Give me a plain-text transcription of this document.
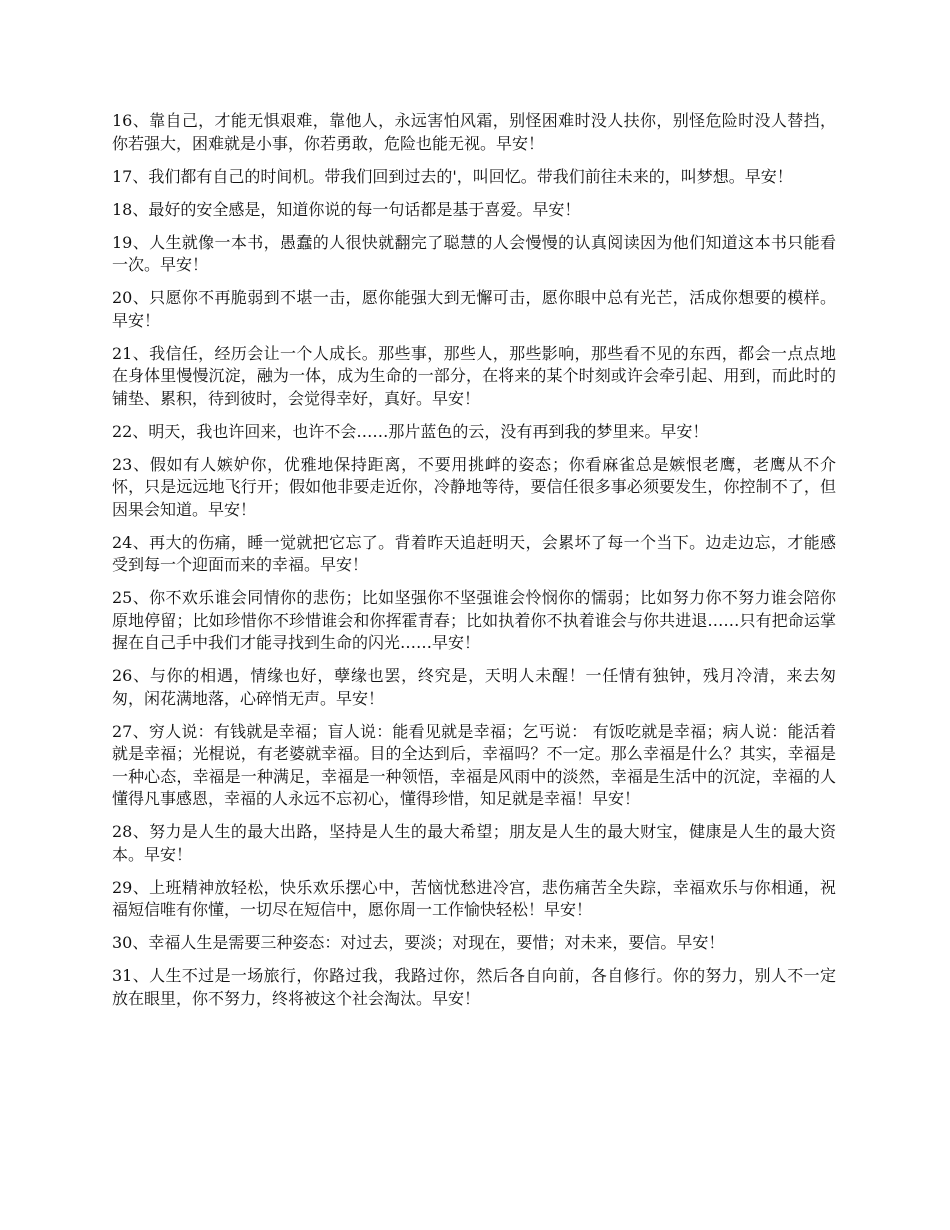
16、靠自己，才能无惧艰难，靠他人，永远害怕风霜，别怪困难时没人扶你，别怪危险时没人替挡，你若强大，困难就是小事，你若勇敢，危险也能无视。早安！

17、我们都有自己的时间机。带我们回到过去的'，叫回忆。带我们前往未来的，叫梦想。早安！

18、最好的安全感是，知道你说的每一句话都是基于喜爱。早安！

19、人生就像一本书，愚蠢的人很快就翻完了聪慧的人会慢慢的认真阅读因为他们知道这本书只能看一次。早安！

20、只愿你不再脆弱到不堪一击，愿你能强大到无懈可击，愿你眼中总有光芒，活成你想要的模样。早安！

21、我信任，经历会让一个人成长。那些事，那些人，那些影响，那些看不见的东西，都会一点点地在身体里慢慢沉淀，融为一体，成为生命的一部分，在将来的某个时刻或许会牵引起、用到，而此时的铺垫、累积，待到彼时，会觉得幸好，真好。早安！

22、明天，我也许回来，也许不会……那片蓝色的云，没有再到我的梦里来。早安！

23、假如有人嫉妒你，优雅地保持距离，不要用挑衅的姿态；你看麻雀总是嫉恨老鹰，老鹰从不介怀，只是远远地飞行开；假如他非要走近你，冷静地等待，要信任很多事必须要发生，你控制不了，但因果会知道。早安！

24、再大的伤痛，睡一觉就把它忘了。背着昨天追赶明天，会累坏了每一个当下。边走边忘，才能感受到每一个迎面而来的幸福。早安！

25、你不欢乐谁会同情你的悲伤；比如坚强你不坚强谁会怜悯你的懦弱；比如努力你不努力谁会陪你原地停留；比如珍惜你不珍惜谁会和你挥霍青春；比如执着你不执着谁会与你共进退……只有把命运掌握在自己手中我们才能寻找到生命的闪光……早安！

26、与你的相遇，情缘也好，孽缘也罢，终究是，天明人未醒！一任情有独钟，残月冷清，来去匆匆，闲花满地落，心碎悄无声。早安！

27、穷人说：有钱就是幸福；盲人说：能看见就是幸福；乞丐说： 有饭吃就是幸福；病人说：能活着就是幸福；光棍说，有老婆就幸福。目的全达到后，幸福吗？不一定。那么幸福是什么？其实，幸福是一种心态，幸福是一种满足，幸福是一种领悟，幸福是风雨中的淡然，幸福是生活中的沉淀，幸福的人懂得凡事感恩，幸福的人永远不忘初心，懂得珍惜，知足就是幸福！早安！

28、努力是人生的最大出路，坚持是人生的最大希望；朋友是人生的最大财宝，健康是人生的最大资本。早安！

29、上班精神放轻松，快乐欢乐摆心中，苦恼忧愁进冷宫，悲伤痛苦全失踪，幸福欢乐与你相通，祝福短信唯有你懂，一切尽在短信中，愿你周一工作愉快轻松！早安！

30、幸福人生是需要三种姿态：对过去，要淡；对现在，要惜；对未来，要信。早安！

31、人生不过是一场旅行，你路过我，我路过你，然后各自向前，各自修行。你的努力，别人不一定放在眼里，你不努力，终将被这个社会淘汰。早安！
